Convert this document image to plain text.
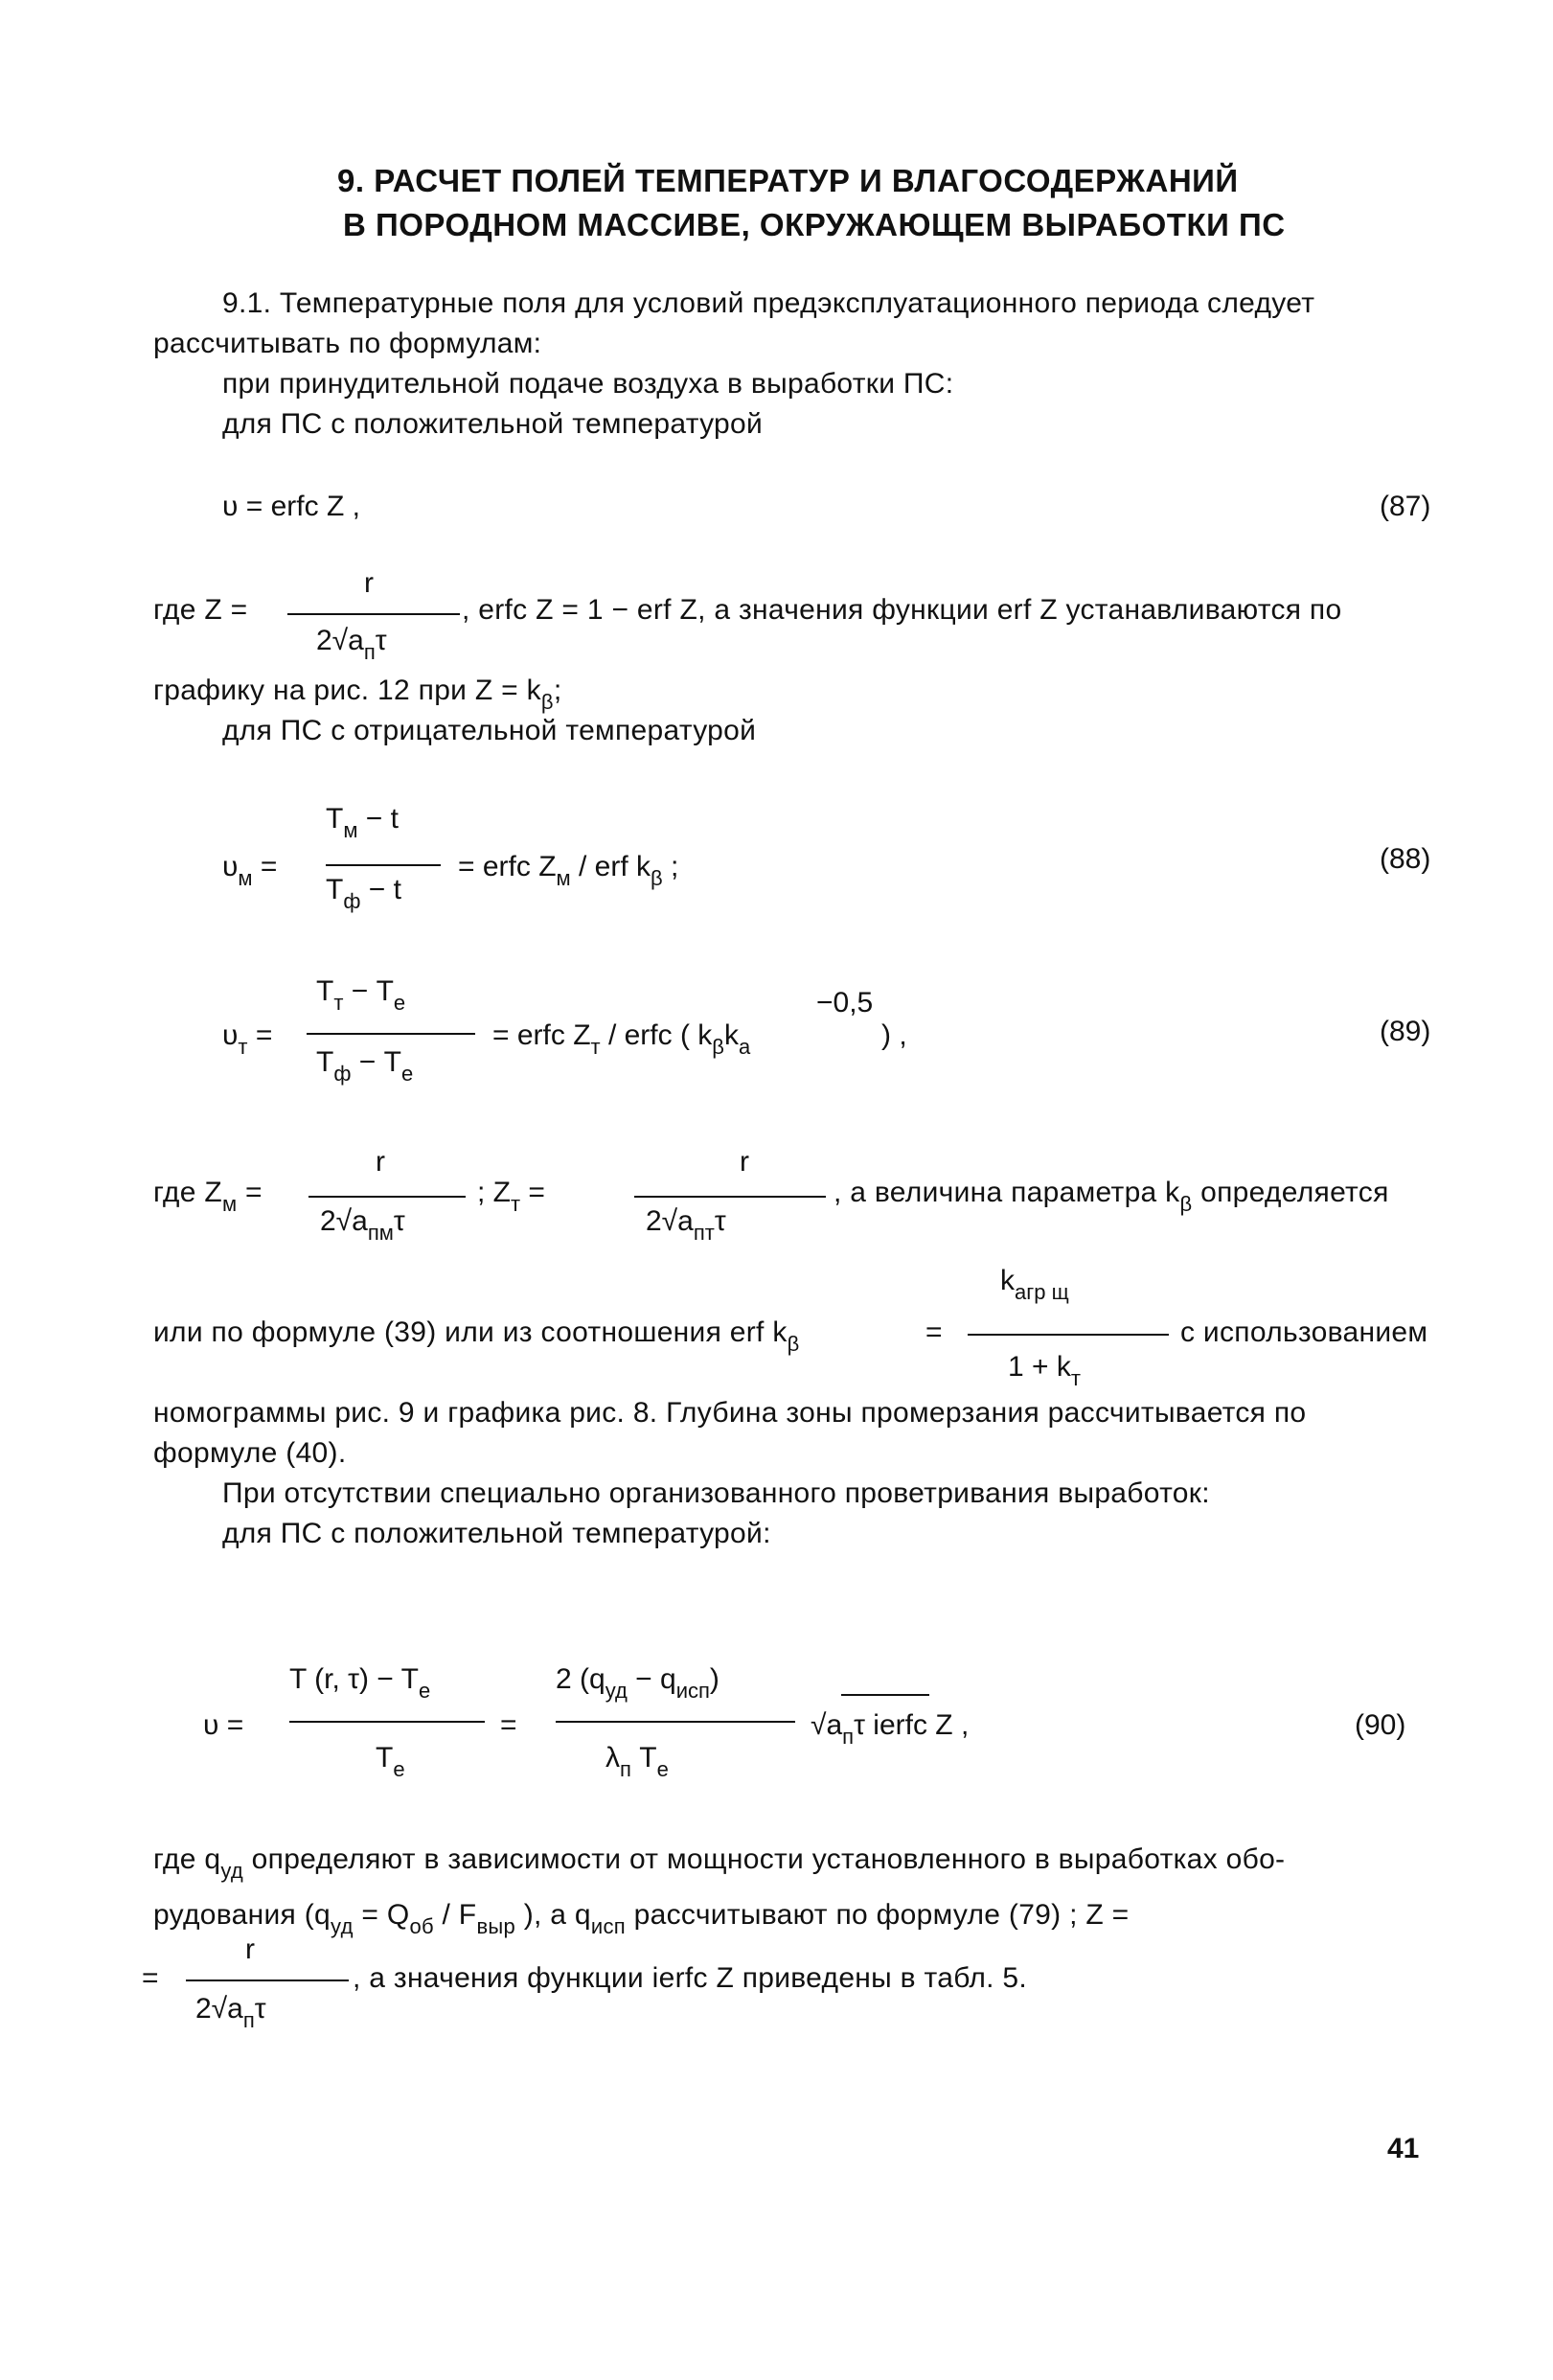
9. РАСЧЕТ ПОЛЕЙ ТЕМПЕРАТУР И ВЛАГОСОДЕРЖАНИЙ
В ПОРОДНОМ МАССИВЕ, ОКРУЖАЮЩЕМ ВЫРАБОТКИ ПС
9.1. Температурные поля для условий предэксплуатационного периода следует
рассчитывать по формулам:
при принудительной подаче воздуха в выработки ПС:
для ПС с положительной температурой
υ = erfc Z ,	(87)
где Z =
r
$2√a_п\tau$
, erfc Z = 1 − erf Z, а значения функции erf Z устанавливаются по
графику на рис. 12 при $Z = k_\beta$;
для ПС с отрицательной температурой
$\upsilon_м$ =
$T_м - t$
$T_ф - t$
= erfc $Z_м$ / erf $k_\beta$ ;	(88)
$\upsilon_т$ =
$T_т - T_е$
$T_ф - T_е$
= erfc $Z_т$ / erfc ( $k_\beta k_а$
−0,5
) ,	(89)
где $Z_м$ =
r
$2√a_{пм}\tau$
; $Z_т$ =
r
$2√a_{пт}\tau$
, а величина параметра $k_\beta$ определяется
или по формуле (39) или из соотношения erf $k_\beta$	=
$k_{агр щ}$
$1 + k_т$
с использованием
номограммы рис. 9 и графика рис. 8. Глубина зоны промерзания рассчитывается по
формуле (40).
При отсутствии специально организованного проветривания выработок:
для ПС с положительной температурой:
υ =
T (r, $\tau) - T_е$
$T_е$
=
2 $(q_{уд} - q_{исп})$
$\lambda_п$ $T_е$
$√a_п\tau$ ierfc Z ,	(90)
где $q_{уд}$ определяют в зависимости от мощности установленного в выработках обо-
рудования ($q_{уд} = Q_{об} / F_{выр}$ ), а $q_{исп}$ рассчитывают по формуле (79) ; Z =
=
r
$2√a_п\tau$
, а значения функции ierfc Z приведены в табл. 5.
41
